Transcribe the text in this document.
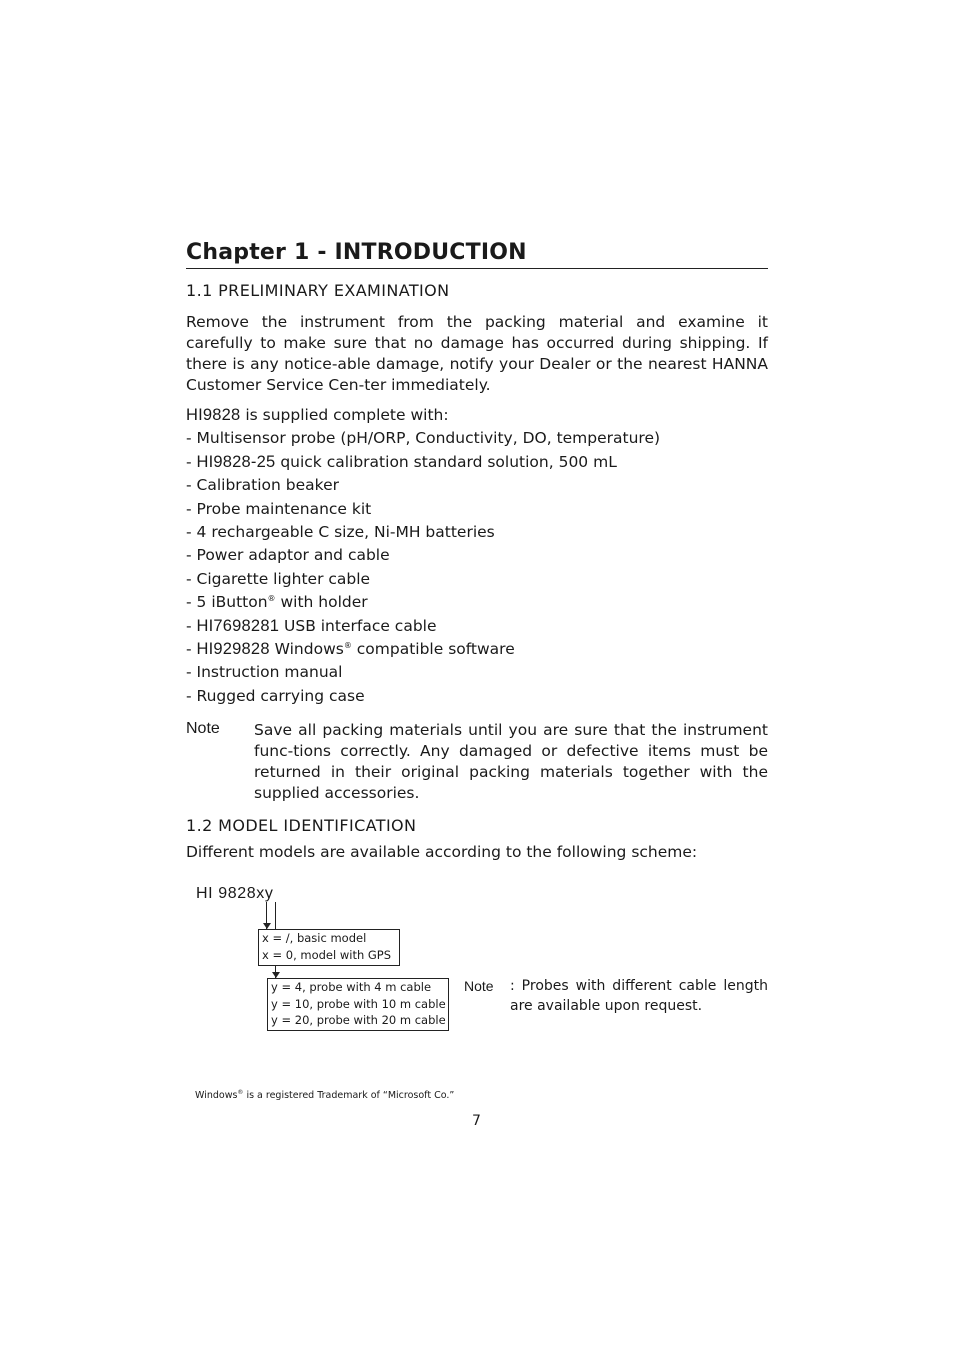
Chapter 1 - INTRODUCTION
1.1 PRELIMINARY EXAMINATION

Remove the instrument from the packing material and examine it carefully to make sure that no damage has occurred during shipping. If there is any notice-able damage, notify your Dealer or the nearest HANNA Customer Service Cen-ter immediately.

HI9828 is supplied complete with:
- Multisensor probe (pH/ORP, Conductivity, DO, temperature)
- HI9828-25 quick calibration standard solution, 500 mL
- Calibration beaker
- Probe maintenance kit
- 4 rechargeable C size, Ni-MH batteries
- Power adaptor and cable
- Cigarette lighter cable
- 5 iButton® with holder
- HI7698281 USB interface cable
- HI929828 Windows® compatible software
- Instruction manual
- Rugged carrying case
Note Save all packing materials until you are sure that the instrument func-tions correctly. Any damaged or defective items must be returned in their original packing materials together with the supplied accessories.

1.2 MODEL IDENTIFICATION

Different models are available according to the following scheme:

HI 9828xy
x = /, basic model
x = 0, model with GPS
y = 4, probe with 4 m cable
y = 10, probe with 10 m cable
y = 20, probe with 20 m cable
Note : Probes with different cable length are available upon request.

Windows® is a registered Trademark of “Microsoft Co.”
7
